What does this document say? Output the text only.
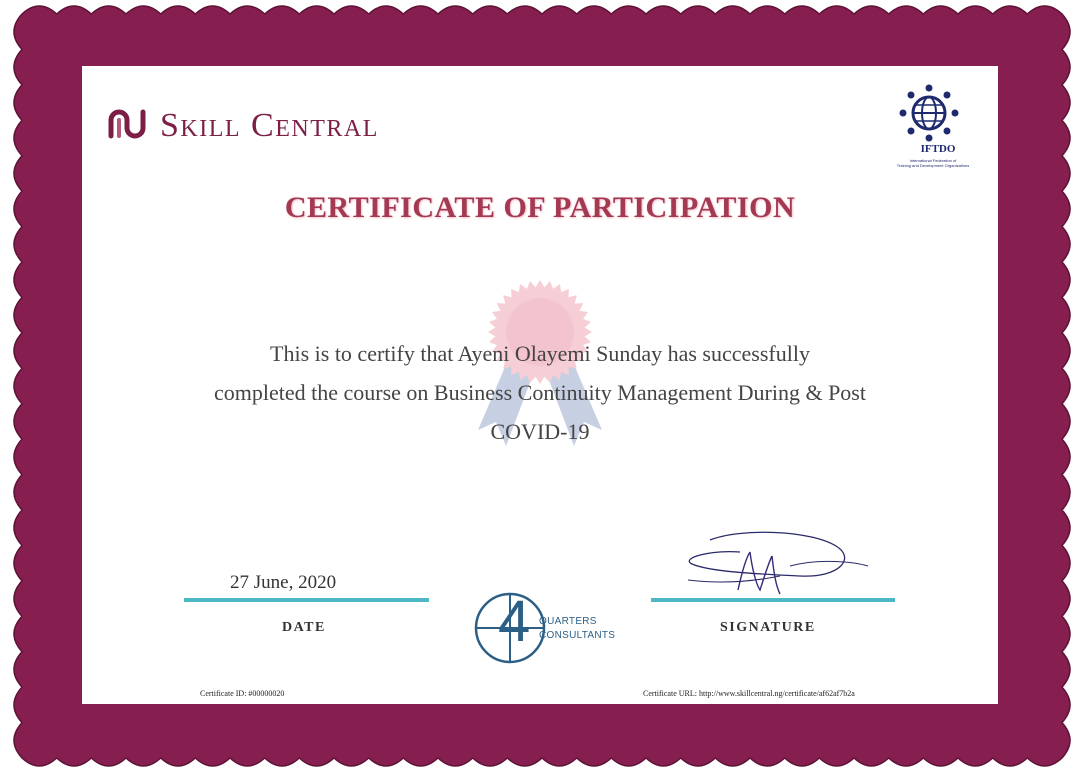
Skill Central
IFTDO
International Federation of
Training and Development Organizations
CERTIFICATE OF PARTICIPATION
This is to certify that Ayeni Olayemi Sunday has successfully
completed the course on Business Continuity Management During & Post
COVID-19
27 June, 2020
DATE	SIGNATURE
4 QUARTERS
CONSULTANTS
Certificate ID: #00000020	Certificate URL: http://www.skillcentral.ng/certificate/af62af7b2a
